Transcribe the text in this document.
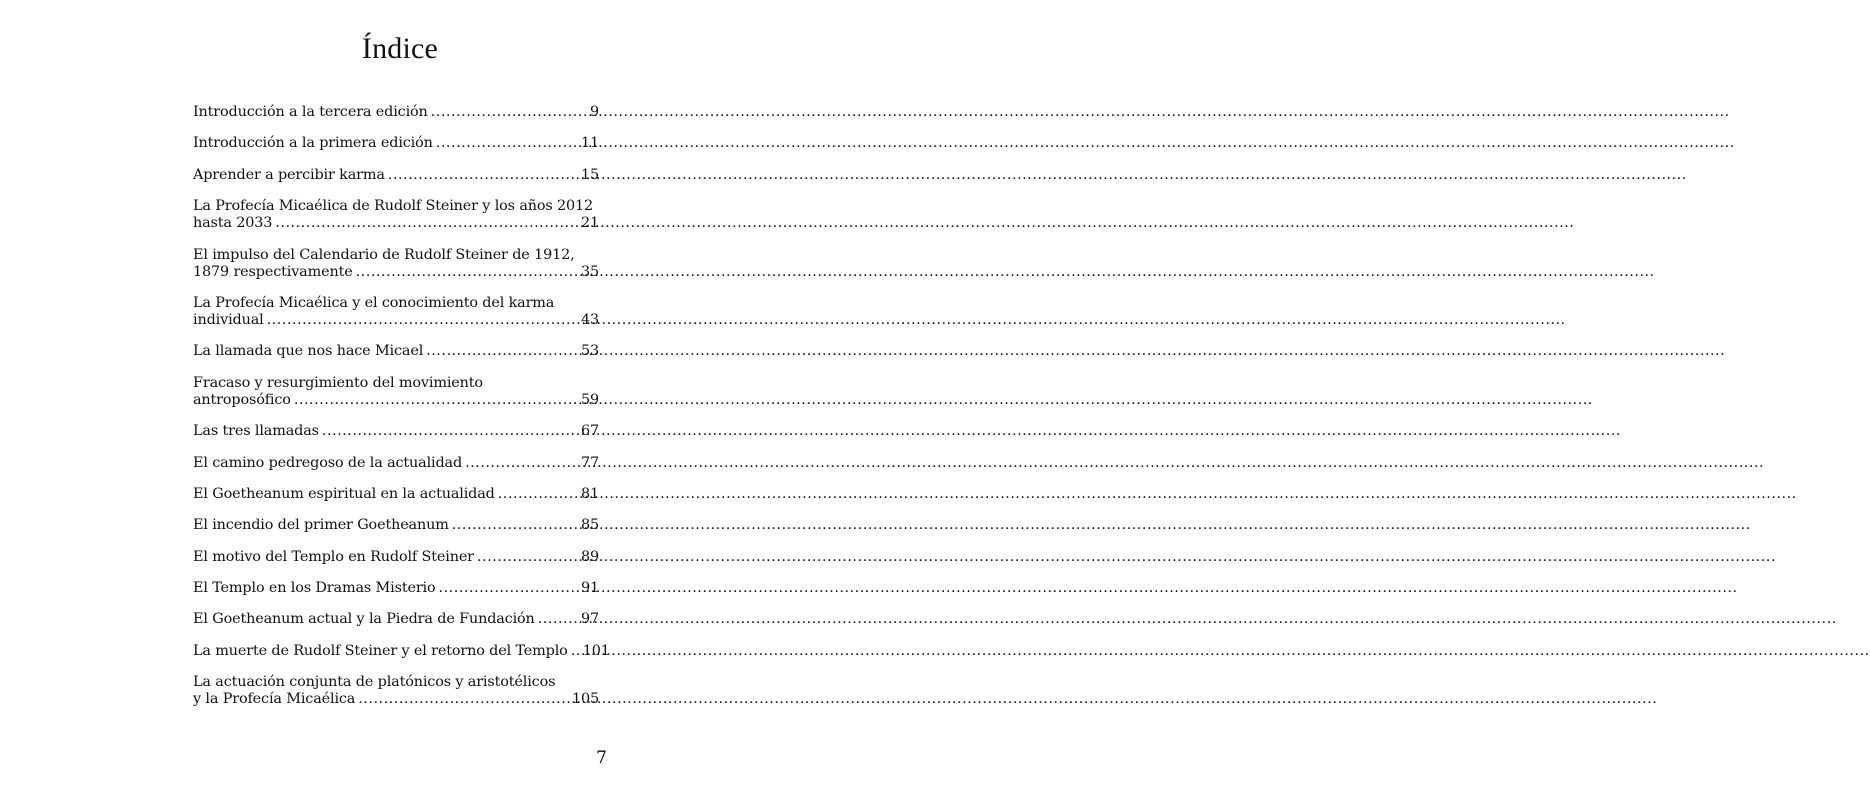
Índice
Introducción a la tercera edición .....	9
Introducción a la primera edición .....	11
Aprender a percibir karma .....	15
La Profecía Micaélica de Rudolf Steiner y los años 2012
hasta 2033 .....	21
El impulso del Calendario de Rudolf Steiner de 1912,
1879 respectivamente .....	35
La Profecía Micaélica y el conocimiento del karma
individual .....	43
La llamada que nos hace Micael .....	53
Fracaso y resurgimiento del movimiento
antroposófico .....	59
Las tres llamadas .....	67
El camino pedregoso de la actualidad .....	77
El Goetheanum espiritual en la actualidad .....	81
El incendio del primer Goetheanum .....	85
El motivo del Templo en Rudolf Steiner .....	89
El Templo en los Dramas Misterio .....	91
El Goetheanum actual y la Piedra de Fundación .....	97
La muerte de Rudolf Steiner y el retorno del Templo ..... 101
La actuación conjunta de platónicos y aristotélicos
y la Profecía Micaélica .....	105
7
